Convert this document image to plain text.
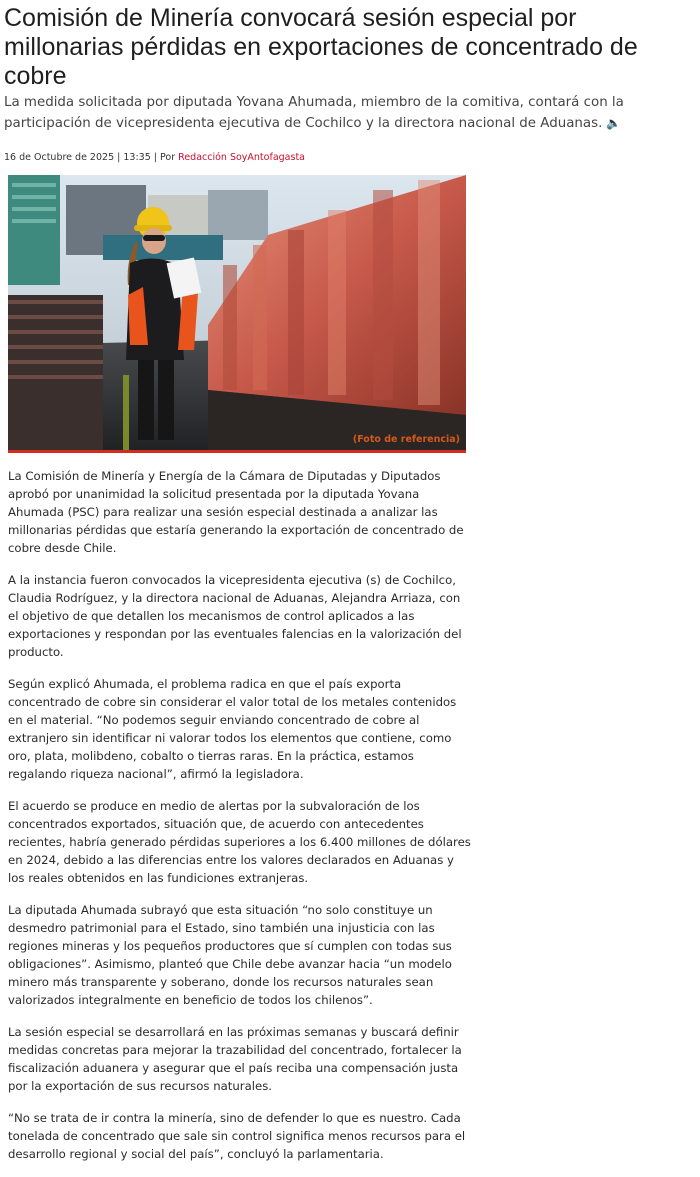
Comisión de Minería convocará sesión especial por millonarias pérdidas en exportaciones de concentrado de cobre

La medida solicitada por diputada Yovana Ahumada, miembro de la comitiva, contará con la participación de vicepresidenta ejecutiva de Cochilco y la directora nacional de Aduanas. 🔈

16 de Octubre de 2025 | 13:35 | Por Redacción SoyAntofagasta
(Foto de referencia)

La Comisión de Minería y Energía de la Cámara de Diputadas y Diputados aprobó por unanimidad la solicitud presentada por la diputada Yovana Ahumada (PSC) para realizar una sesión especial destinada a analizar las millonarias pérdidas que estaría generando la exportación de concentrado de cobre desde Chile.

A la instancia fueron convocados la vicepresidenta ejecutiva (s) de Cochilco, Claudia Rodríguez, y la directora nacional de Aduanas, Alejandra Arriaza, con el objetivo de que detallen los mecanismos de control aplicados a las exportaciones y respondan por las eventuales falencias en la valorización del producto.

Según explicó Ahumada, el problema radica en que el país exporta concentrado de cobre sin considerar el valor total de los metales contenidos en el material. “No podemos seguir enviando concentrado de cobre al extranjero sin identificar ni valorar todos los elementos que contiene, como oro, plata, molibdeno, cobalto o tierras raras. En la práctica, estamos regalando riqueza nacional”, afirmó la legisladora.

El acuerdo se produce en medio de alertas por la subvaloración de los concentrados exportados, situación que, de acuerdo con antecedentes recientes, habría generado pérdidas superiores a los 6.400 millones de dólares en 2024, debido a las diferencias entre los valores declarados en Aduanas y los reales obtenidos en las fundiciones extranjeras.

La diputada Ahumada subrayó que esta situación “no solo constituye un desmedro patrimonial para el Estado, sino también una injusticia con las regiones mineras y los pequeños productores que sí cumplen con todas sus obligaciones”. Asimismo, planteó que Chile debe avanzar hacia “un modelo minero más transparente y soberano, donde los recursos naturales sean valorizados integralmente en beneficio de todos los chilenos”.

La sesión especial se desarrollará en las próximas semanas y buscará definir medidas concretas para mejorar la trazabilidad del concentrado, fortalecer la fiscalización aduanera y asegurar que el país reciba una compensación justa por la exportación de sus recursos naturales.

“No se trata de ir contra la minería, sino de defender lo que es nuestro. Cada tonelada de concentrado que sale sin control significa menos recursos para el desarrollo regional y social del país”, concluyó la parlamentaria.
